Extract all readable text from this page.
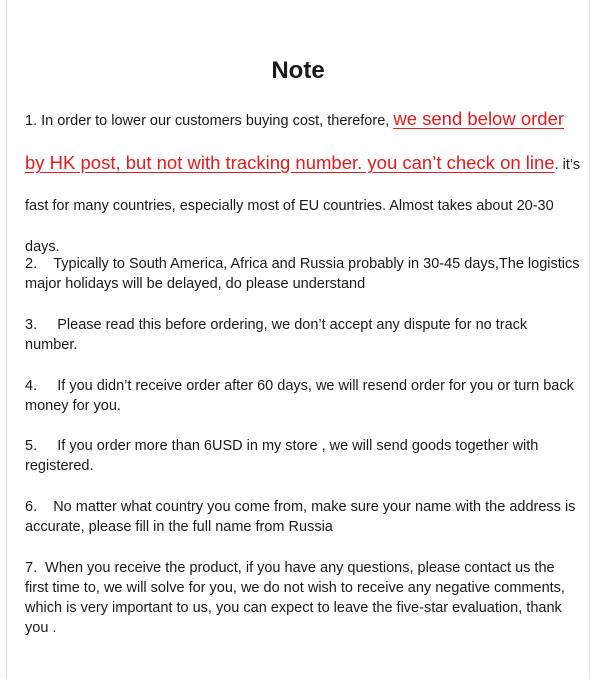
Note

1. In order to lower our customers buying cost, therefore, we send below order by HK post, but not with tracking number. you can’t check on line. it’s fast for many countries, especially most of EU countries. Almost takes about 20-30 days.

2.    Typically to South America, Africa and Russia probably in 30-45 days,The logistics major holidays will be delayed, do please understand

3.     Please read this before ordering, we don’t accept any dispute for no track number.

4.     If you didn’t receive order after 60 days, we will resend order for you or turn back money for you.

5.     If you order more than 6USD in my store , we will send goods together with registered.

6.    No matter what country you come from, make sure your name with the address is accurate, please fill in the full name from Russia

7.  When you receive the product, if you have any questions, please contact us the first time to, we will solve for you, we do not wish to receive any negative comments, which is very important to us, you can expect to leave the five-star evaluation, thank you .
